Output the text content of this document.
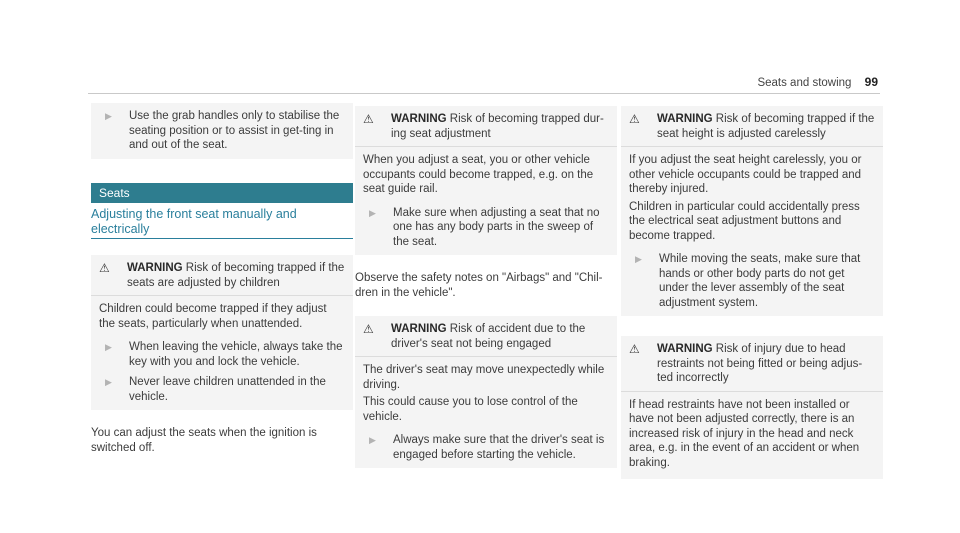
Seats and stowing 99
▶	Use the grab handles only to stabilise the seating position or to assist in get-ting in and out of the seat.
Seats
Adjusting the front seat manually and electrically
⚠	WARNING Risk of becoming trapped if the seats are adjusted by children

Children could become trapped if they adjust the seats, particularly when unattended.

▶	When leaving the vehicle, always take the key with you and lock the vehicle.
▶	Never leave children unattended in the vehicle.

You can adjust the seats when the ignition is switched off.

⚠	WARNING Risk of becoming trapped dur-ing seat adjustment

When you adjust a seat, you or other vehicle occupants could become trapped, e.g. on the seat guide rail.

▶	Make sure when adjusting a seat that no one has any body parts in the sweep of the seat.

Observe the safety notes on "Airbags" and "Chil-dren in the vehicle".

⚠	WARNING Risk of accident due to the driver's seat not being engaged

The driver's seat may move unexpectedly while driving.

This could cause you to lose control of the vehicle.

▶	Always make sure that the driver's seat is engaged before starting the vehicle.
⚠	WARNING Risk of becoming trapped if the seat height is adjusted carelessly

If you adjust the seat height carelessly, you or other vehicle occupants could be trapped and thereby injured.

Children in particular could accidentally press the electrical seat adjustment buttons and become trapped.

▶	While moving the seats, make sure that hands or other body parts do not get under the lever assembly of the seat adjustment system.
⚠	WARNING Risk of injury due to head restraints not being fitted or being adjus-ted incorrectly

If head restraints have not been installed or have not been adjusted correctly, there is an increased risk of injury in the head and neck area, e.g. in the event of an accident or when braking.
